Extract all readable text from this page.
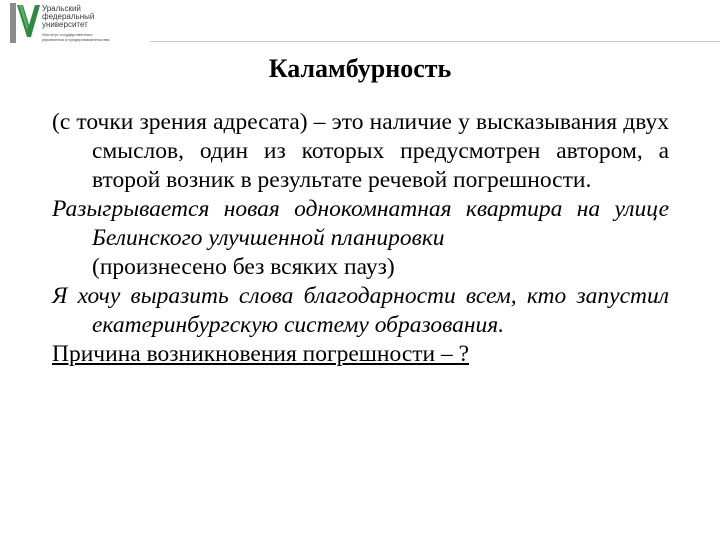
Уральский
федеральный
университет
Институт государственного
управления и предпринимательства
Каламбурность

(с точки зрения адресата) – это наличие у высказывания двух смыслов, один из которых предусмотрен автором, а второй возник в результате речевой погрешности.

Разыгрывается новая однокомнатная квартира на улице Белинского улучшенной планировки

(произнесено без всяких пауз)

Я хочу выразить слова благодарности всем, кто запустил екатеринбургскую систему образования.

Причина возникновения погрешности – ?
